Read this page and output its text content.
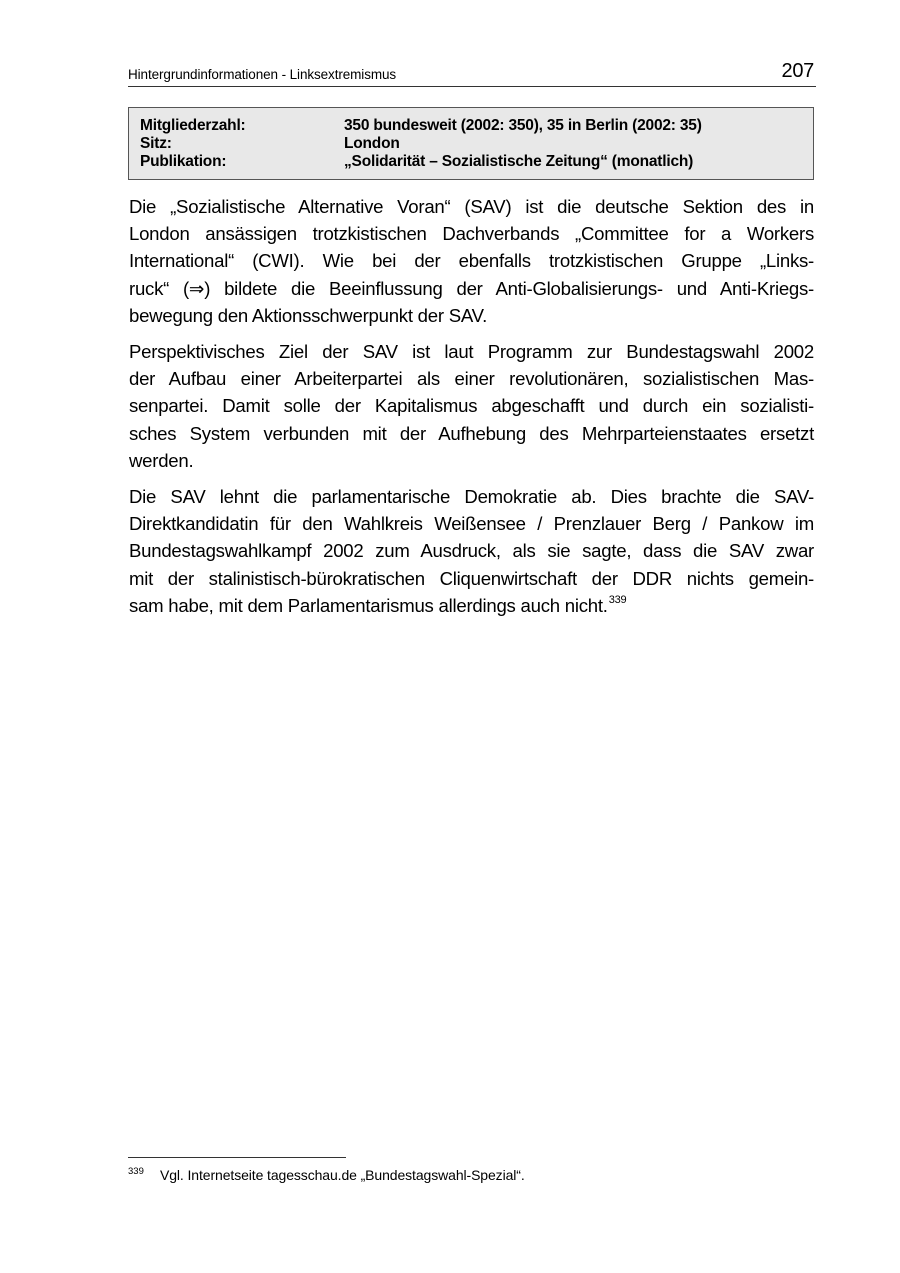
Hintergrundinformationen - Linksextremismus	207
Mitgliederzahl:	350 bundesweit (2002: 350), 35 in Berlin (2002: 35)
Sitz:	London
Publikation:	„Solidarität – Sozialistische Zeitung“ (monatlich)

Die „Sozialistische Alternative Voran“ (SAV) ist die deutsche Sektion des in
London ansässigen trotzkistischen Dachverbands „Committee for a Workers
International“ (CWI). Wie bei der ebenfalls trotzkistischen Gruppe „Links-
ruck“ (⇒) bildete die Beeinflussung der Anti-Globalisierungs- und Anti-Kriegs-
bewegung den Aktionsschwerpunkt der SAV.

Perspektivisches Ziel der SAV ist laut Programm zur Bundestagswahl 2002
der Aufbau einer Arbeiterpartei als einer revolutionären, sozialistischen Mas-
senpartei. Damit solle der Kapitalismus abgeschafft und durch ein sozialisti-
sches System verbunden mit der Aufhebung des Mehrparteienstaates ersetzt
werden.

Die SAV lehnt die parlamentarische Demokratie ab. Dies brachte die SAV-
Direktkandidatin für den Wahlkreis Weißensee / Prenzlauer Berg / Pankow im
Bundestagswahlkampf 2002 zum Ausdruck, als sie sagte, dass die SAV zwar
mit der stalinistisch-bürokratischen Cliquenwirtschaft der DDR nichts gemein-
sam habe, mit dem Parlamentarismus allerdings auch nicht.$^{339}$

339 Vgl. Internetseite tagesschau.de „Bundestagswahl-Spezial“.
